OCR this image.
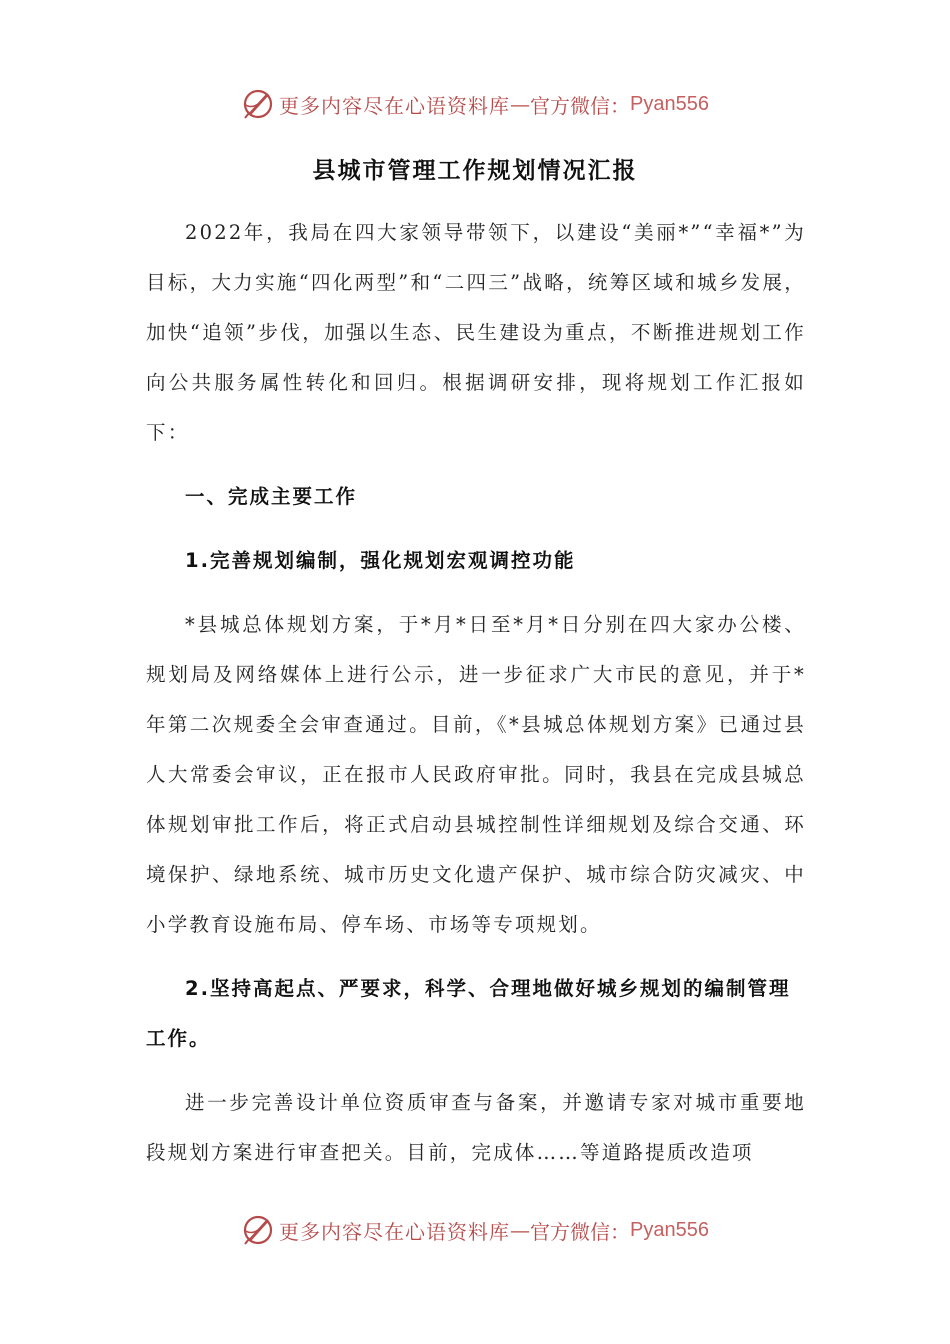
更多内容尽在心语资料库 — 官方微信： Pyan556
县城市管理工作规划情况汇报

2022年，我局在四大家领导带领下，以建设“美丽*”“幸福*”为目标，大力实施“四化两型”和“二四三”战略，统筹区域和城乡发展，加快“追领”步伐，加强以生态、民生建设为重点，不断推进规划工作向公共服务属性转化和回归。根据调研安排，现将规划工作汇报如下：

一、完成主要工作
1.完善规划编制，强化规划宏观调控功能

*县城总体规划方案，于*月*日至*月*日分别在四大家办公楼、规划局及网络媒体上进行公示，进一步征求广大市民的意见，并于*年第二次规委全会审查通过。目前，《*县城总体规划方案》已通过县人大常委会审议，正在报市人民政府审批。同时，我县在完成县城总体规划审批工作后，将正式启动县城控制性详细规划及综合交通、环境保护、绿地系统、城市历史文化遗产保护、城市综合防灾减灾、中小学教育设施布局、停车场、市场等专项规划。

2.坚持高起点、严要求，科学、合理地做好城乡规划的编制管理工作。

进一步完善设计单位资质审查与备案，并邀请专家对城市重要地段规划方案进行审查把关。目前，完成体……等道路提质改造项

更多内容尽在心语资料库 — 官方微信： Pyan556
